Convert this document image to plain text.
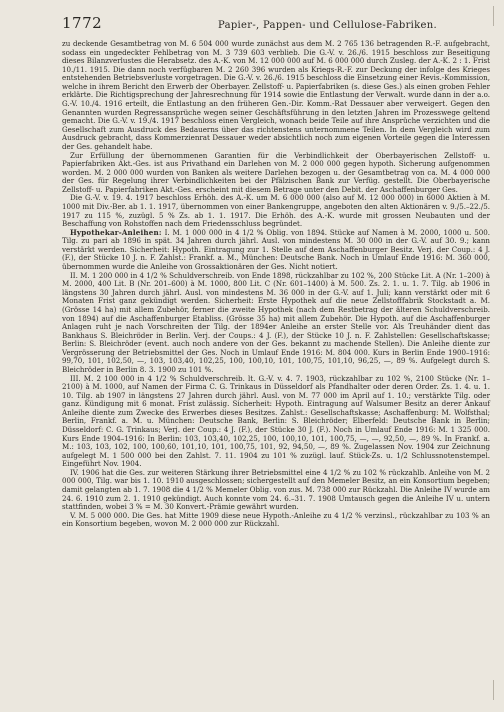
1772	Papier-, Pappen- und Cellulose-Fabriken.

zu deckende Gesamtbetrag von M. 6 504 000 wurde zunächst aus dem M. 2 765 136 betragenden R.-F. aufgebracht, sodass ein ungedeckter Fehlbetrag von M. 3 739 603 verblieb. Die G.-V. v. 26./6. 1915 beschloss zur Beseitigung dieses Bilanzverlustes die Herabsetz. des A.-K. von M. 12 000 000 auf M. 6 000 000 durch Zusleg. der A.-K. 2 : 1. Frist 10./11. 1915. Die dann noch verfügbaren M. 2 260 396 wurden als Kriegs-R.-F. zur Deckung der infolge des Krieges entstehenden Betriebsverluste vorgetragen. Die G.-V. v. 26./6. 1915 beschloss die Einsetzung einer Revis.-Kommission, welche in ihrem Bericht den Erwerb der Oberbayer. Zellstoff- u. Papierfabriken (s. diese Ges.) als einen groben Fehler erklärte. Die Richtigsprechung der Jahresrechnung für 1914 sowie die Entlastung der Verwalt. wurde dann in der a.o. G.-V. 10./4. 1916 erteilt, die Entlastung an den früheren Gen.-Dir. Komm.-Rat Dessauer aber verweigert. Gegen den Genannten wurden Regressansprüche wegen seiner Geschäftsführung in den letzten Jahren im Prozesswege geltend gemacht. Die G.-V. v. 19./4. 1917 beschloss einen Vergleich, wonach beide Teile auf ihre Ansprüche verzichten und die Gesellschaft zum Ausdruck des Bedauerns über das richtenstens unternommene Teilen. In dem Vergleich wird zum Ausdruck gebracht, dass Kommerzienrat Dessauer weder absichtlich noch zum eigenen Vorteile gegen die Interessen der Ges. gehandelt habe.

Zur Erfüllung der übernommenen Garantien für die Verbindlichkeit der Oberbayerischen Zellstoff- u. Papierfabriken Akt.-Ges. ist aus Privathand ein Darlehen von M. 2 000 000 gegen hypoth. Sicherung aufgenommen worden. M. 2 000 000 wurden von Banken als weitere Darlehen bezogen u. der Gesamtbetrag von ca. M. 4 000 000 der Ges. für Regelung ihrer Verbindlichkeiten bei der Pfälzischen Bank zur Verfüg. gestellt. Die Oberbayerische Zellstoff- u. Papierfabriken Akt.-Ges. erscheint mit diesem Betrage unter den Debit. der Aschaffenburger Ges.

Die G.-V. v. 19. 4. 1917 beschloss Erhöh. des A.-K. um M. 6 000 000 (also auf M. 12 000 000) in 6000 Aktien à M. 1000 mit Div.-Ber. ab 1. 1. 1917, übernommen von einer Bankengruppe, angeboten den alten Aktionären v. 9./5.–22./5. 1917 zu 115 %, zuzügl. 5 % Zs. ab 1. 1. 1917. Die Erhöh. des A.-K. wurde mit grossen Neubauten und der Beschaffung von Rohstoffen nach dem Friedensschluss begründet.

Hypothekar-Anleihen: I. M. 1 000 000 in 4 1/2 % Oblig. von 1894. Stücke auf Namen à M. 2000, 1000 u. 500. Tilg. zu pari ab 1896 in spät. 34 Jahren durch jährl. Ausl. von mindestens M. 30 000 in der G.-V. auf 30. 9.; kann verstärkt werden. Sicherheit: Hypoth. Eintragung zur 1. Stelle auf dem Aschaffenburger Besitz. Verj. der Coup.: 4 J. (F.), der Stücke 10 J. n. F. Zahlst.: Frankf. a. M., München: Deutsche Bank. Noch in Umlauf Ende 1916: M. 360 000, übernommen wurde die Anleihe von Grossaktionären der Ges. Nicht notiert.

II. M. 1 200 000 in 4 1/2 % Schuldverschreib. von Ende 1898, rückzahlbar zu 102 %, 200 Stücke Lit. A (Nr. 1–200) à M. 2000, 400 Lit. B (Nr. 201–600) à M. 1000, 800 Lit. C (Nr. 601–1400) à M. 500. Zs. 2. 1. u. 1. 7. Tilg. ab 1906 in längstens 30 Jahren durch jährl. Ausl. von mindestens M. 36 000 in der G.-V. auf 1. Juli; kann verstärkt oder mit 6 Monaten Frist ganz gekündigt werden. Sicherheit: Erste Hypothek auf die neue Zellstofffabrik Stockstadt a. M. (Grösse 14 ha) mit allem Zubehör, ferner die zweite Hypothek (nach dem Restbetrag der älteren Schuldverschreib. von 1894) auf die Aschaffenburger Etabliss. (Grösse 35 ha) mit allem Zubehör. Die Hypoth. auf die Aschaffenburger Anlagen ruht je nach Vorschreiten der Tilg. der 1894er Anleihe an erster Stelle vor. Als Treuhänder dient das Bankhaus S. Bleichröder in Berlin. Verj. der Coups.: 4 J. (F.), der Stücke 10 J. n. F. Zahlstellen: Gesellschaftskasse; Berlin: S. Bleichröder (event. auch noch andere von der Ges. bekannt zu machende Stellen). Die Anleihe diente zur Vergrösserung der Betriebsmittel der Ges. Noch in Umlauf Ende 1916: M. 804 000. Kurs in Berlin Ende 1900–1916: 99,70, 101, 102,50, —, 103, 103,40, 102,25, 100, 100,10, 101, 100,75, 101,10, 96,25, —, 89 %. Aufgelegt durch S. Bleichröder in Berlin 8. 3. 1900 zu 101 %.

III. M. 2 100 000 in 4 1/2 % Schuldverschreib. lt. G.-V. v. 4. 7. 1903, rückzahlbar zu 102 %, 2100 Stücke (Nr. 1–2100) à M. 1000, auf Namen der Firma C. G. Trinkaus in Düsseldorf als Pfandhalter oder deren Order. Zs. 1. 4. u. 1. 10. Tilg. ab 1907 in längstens 27 Jahren durch jährl. Ausl. von M. 77 000 im April auf 1. 10.; verstärkte Tilg. oder ganz. Kündigung mit 6 monat. Frist zulässig. Sicherheit: Hypoth. Eintragung auf Walsumer Besitz an derer Ankauf Anleihe diente zum Zwecke des Erwerbes dieses Besitzes. Zahlst.: Gesellschaftskasse; Aschaffenburg: M. Wolfsthal; Berlin, Frankf. a. M. u. München: Deutsche Bank, Berlin: S. Bleichröder; Elberfeld: Deutsche Bank in Berlin; Düsseldorf: C. G. Trinkaus; Verj. der Coup.: 4 J. (F.), der Stücke 30 J. (F.). Noch in Umlauf Ende 1916: M. 1 325 000. Kurs Ende 1904–1916: In Berlin: 103, 103,40, 102,25, 100, 100,10, 101, 100,75, —, —, 92,50, —, 89 %. In Frankf. a. M.: 103, 103, 102, 100, 100,60, 101,10, 101, 100,75, 101, 92, 94,50, —, 89 %. Zugelassen Nov. 1904 zur Zeichnung aufgelegt M. 1 500 000 bei den Zahlst. 7. 11. 1904 zu 101 % zuzügl. lauf. Stück-Zs. u. 1/2 Schlussnotenstempel. Eingeführt Nov. 1904.

IV. 1906 hat die Ges. zur weiteren Stärkung ihrer Betriebsmittel eine 4 1/2 % zu 102 % rückzahlb. Anleihe von M. 2 000 000, Tilg. war bis 1. 10. 1910 ausgeschlossen; sichergestellt auf den Memeler Besitz, an ein Konsortium begeben; damit gelangten ab 1. 7. 1908 die 4 1/2 % Memeler Oblig. von zus. M. 738 000 zur Rückzahl. Die Anleihe IV wurde am 24. 6. 1910 zum 2. 1. 1910 gekündigt. Auch konnte vom 24. 6.–31. 7. 1908 Umtausch gegen die Anleihe IV u. untern stattfinden, wobei 3 % = M. 30 Konvert.-Prämie gewährt wurden.

V. M. 5 000 000. Die Ges. hat Mitte 1909 diese neue Hypoth.-Anleihe zu 4 1/2 % verzinsl., rückzahlbar zu 103 % an ein Konsortium begeben, wovon M. 2 000 000 zur Rückzahl.
